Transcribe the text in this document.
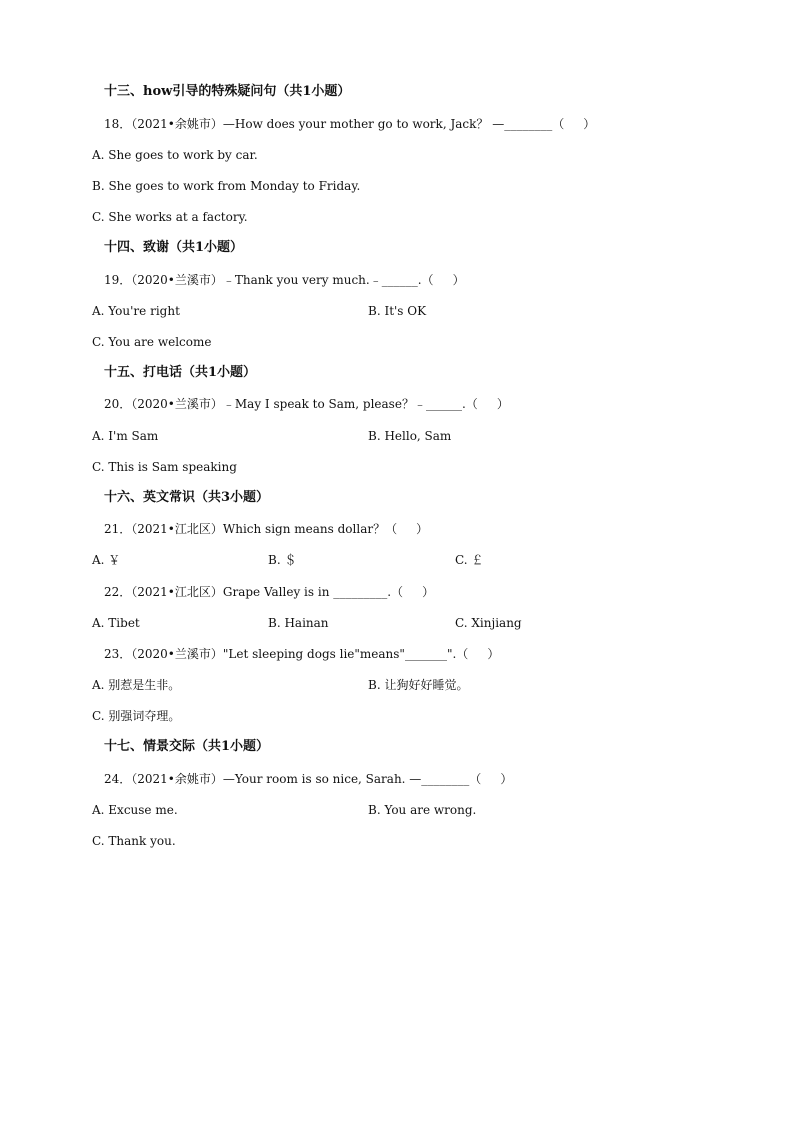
十三、how引导的特殊疑问句（共1小题）
18．（2021•余姚市）—How does your mother go to work, Jack？ —________（     ）
A. She goes to work by car.
B. She goes to work from Monday to Friday.
C. She works at a factory.
十四、致谢（共1小题）
19．（2020•兰溪市）﹣Thank you very much.﹣______.（     ）
A. You're right	B. It's OK
C. You are welcome
十五、打电话（共1小题）
20．（2020•兰溪市）﹣May I speak to Sam, please？﹣______.（     ）
A. I'm Sam	B. Hello, Sam
C. This is Sam speaking
十六、英文常识（共3小题）
21．（2021•江北区）Which sign means dollar？（     ）
A. ￥	B. ＄	C. ￡
22．（2021•江北区）Grape Valley is in _________.（     ）
A. Tibet	B. Hainan	C. Xinjiang
23．（2020•兰溪市）"Let sleeping dogs lie"means"_______".（     ）
A. 别惹是生非。	B. 让狗好好睡觉。
C. 别强词夺理。
十七、情景交际（共1小题）
24．（2021•余姚市）—Your room is so nice, Sarah. —________（     ）
A. Excuse me.	B. You are wrong.
C. Thank you.
